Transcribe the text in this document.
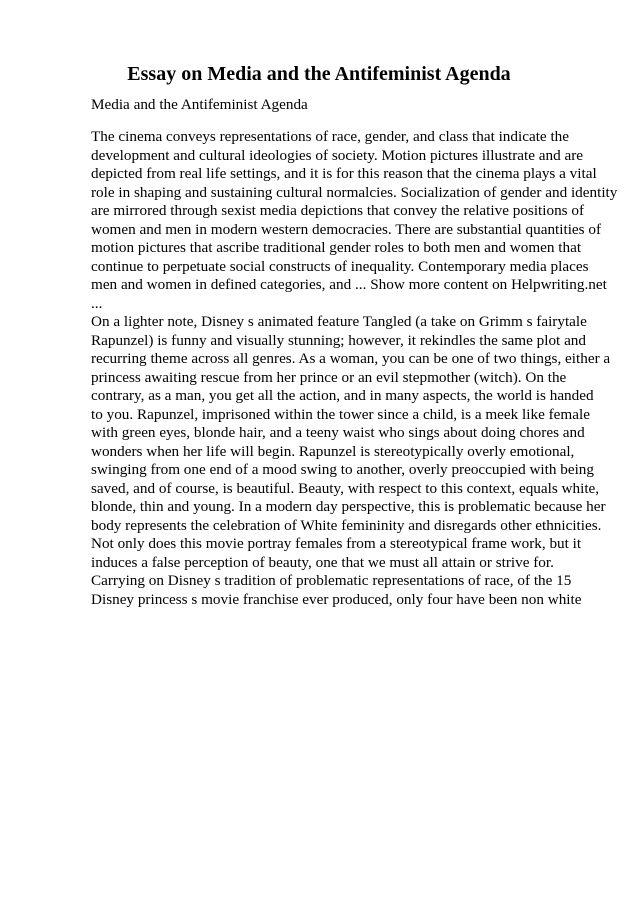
Essay on Media and the Antifeminist Agenda

Media and the Antifeminist Agenda

The cinema conveys representations of race, gender, and class that indicate the
development and cultural ideologies of society. Motion pictures illustrate and are
depicted from real life settings, and it is for this reason that the cinema plays a vital
role in shaping and sustaining cultural normalcies. Socialization of gender and identity
are mirrored through sexist media depictions that convey the relative positions of
women and men in modern western democracies. There are substantial quantities of
motion pictures that ascribe traditional gender roles to both men and women that
continue to perpetuate social constructs of inequality. Contemporary media places
men and women in defined categories, and ... Show more content on Helpwriting.net
...
On a lighter note, Disney s animated feature Tangled (a take on Grimm s fairytale
Rapunzel) is funny and visually stunning; however, it rekindles the same plot and
recurring theme across all genres. As a woman, you can be one of two things, either a
princess awaiting rescue from her prince or an evil stepmother (witch). On the
contrary, as a man, you get all the action, and in many aspects, the world is handed
to you. Rapunzel, imprisoned within the tower since a child, is a meek like female
with green eyes, blonde hair, and a teeny waist who sings about doing chores and
wonders when her life will begin. Rapunzel is stereotypically overly emotional,
swinging from one end of a mood swing to another, overly preoccupied with being
saved, and of course, is beautiful. Beauty, with respect to this context, equals white,
blonde, thin and young. In a modern day perspective, this is problematic because her
body represents the celebration of White femininity and disregards other ethnicities.
Not only does this movie portray females from a stereotypical frame work, but it
induces a false perception of beauty, one that we must all attain or strive for.
Carrying on Disney s tradition of problematic representations of race, of the 15
Disney princess s movie franchise ever produced, only four have been non white
